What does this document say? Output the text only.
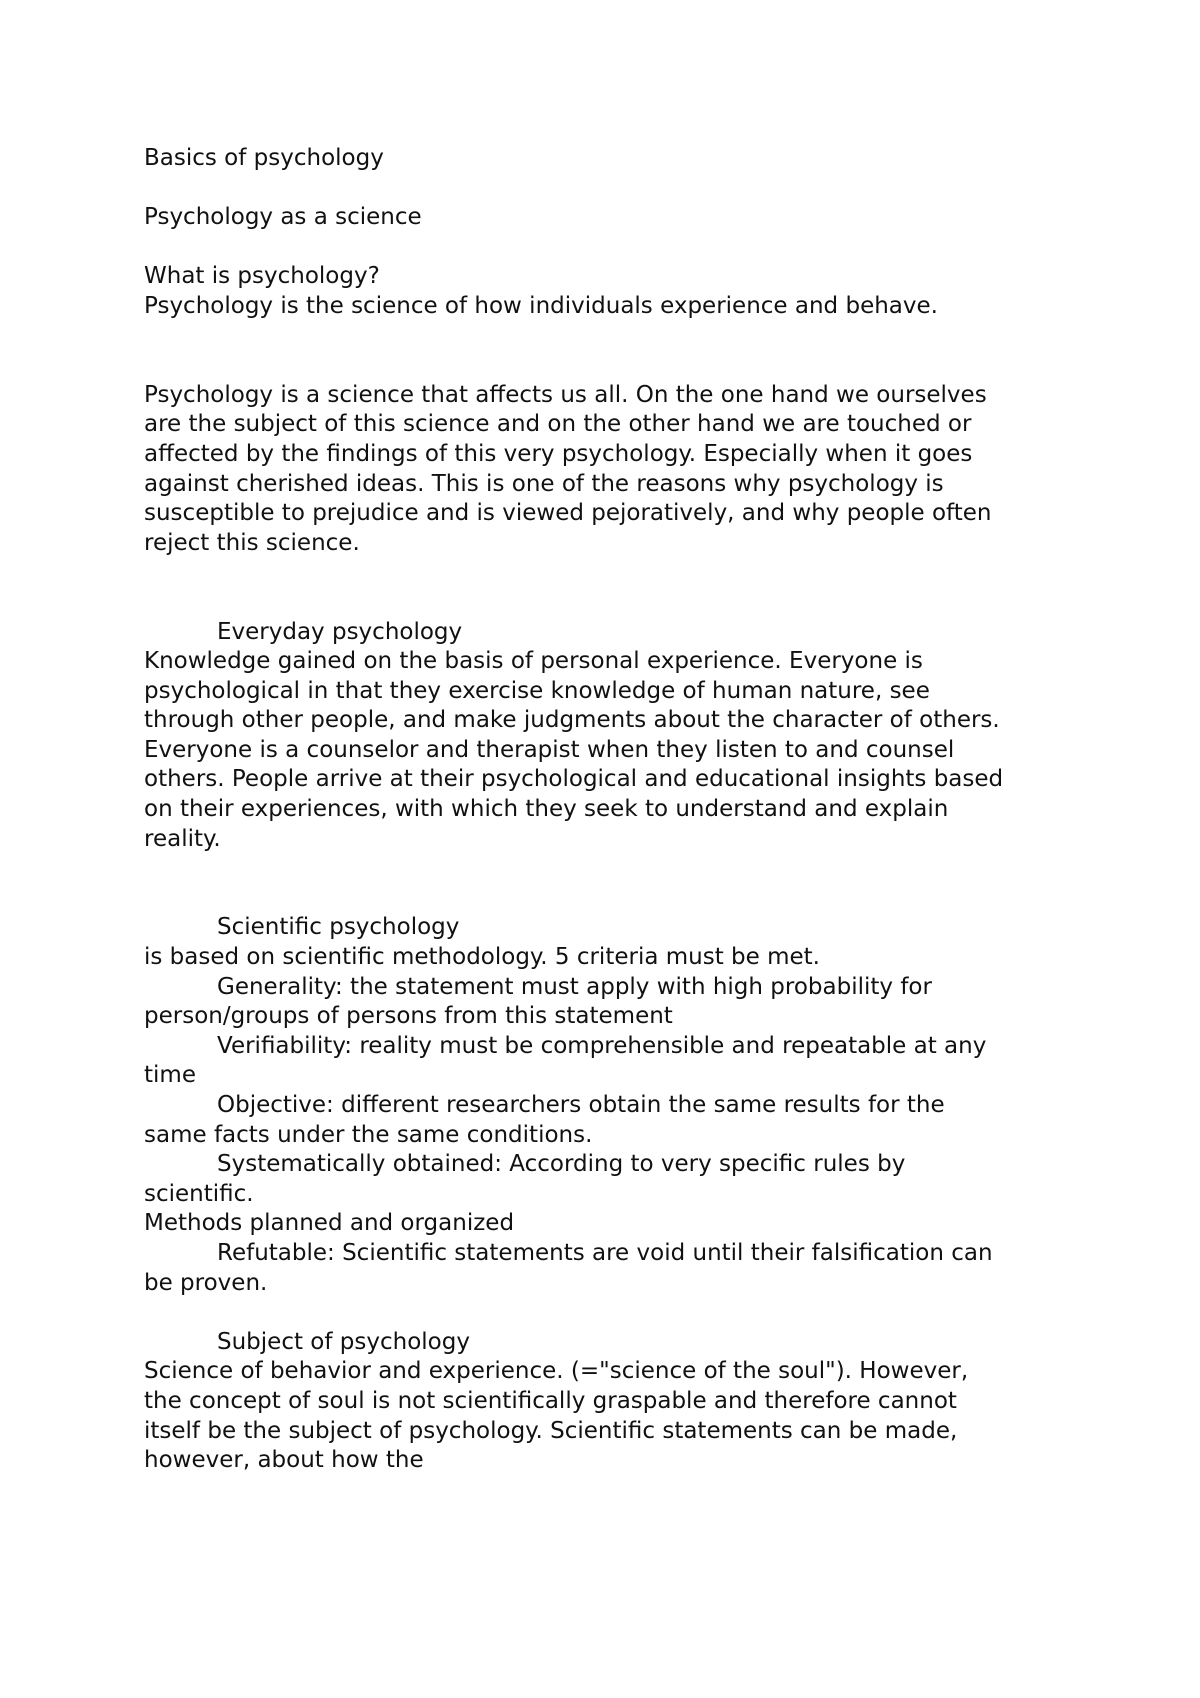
Basics of psychology
Psychology as a science
What is psychology?
Psychology is the science of how individuals experience and behave.
Psychology is a science that affects us all. On the one hand we ourselves
are the subject of this science and on the other hand we are touched or
affected by the findings of this very psychology. Especially when it goes
against cherished ideas. This is one of the reasons why psychology is
susceptible to prejudice and is viewed pejoratively, and why people often
reject this science.
Everyday psychology
Knowledge gained on the basis of personal experience. Everyone is
psychological in that they exercise knowledge of human nature, see
through other people, and make judgments about the character of others.
Everyone is a counselor and therapist when they listen to and counsel
others. People arrive at their psychological and educational insights based
on their experiences, with which they seek to understand and explain
reality.
Scientific psychology
is based on scientific methodology. 5 criteria must be met.
Generality: the statement must apply with high probability for
person/groups of persons from this statement
Verifiability: reality must be comprehensible and repeatable at any
time
Objective: different researchers obtain the same results for the
same facts under the same conditions.
Systematically obtained: According to very specific rules by
scientific.
Methods planned and organized
Refutable: Scientific statements are void until their falsification can
be proven.
Subject of psychology
Science of behavior and experience. (="science of the soul"). However,
the concept of soul is not scientifically graspable and therefore cannot
itself be the subject of psychology. Scientific statements can be made,
however, about how the
